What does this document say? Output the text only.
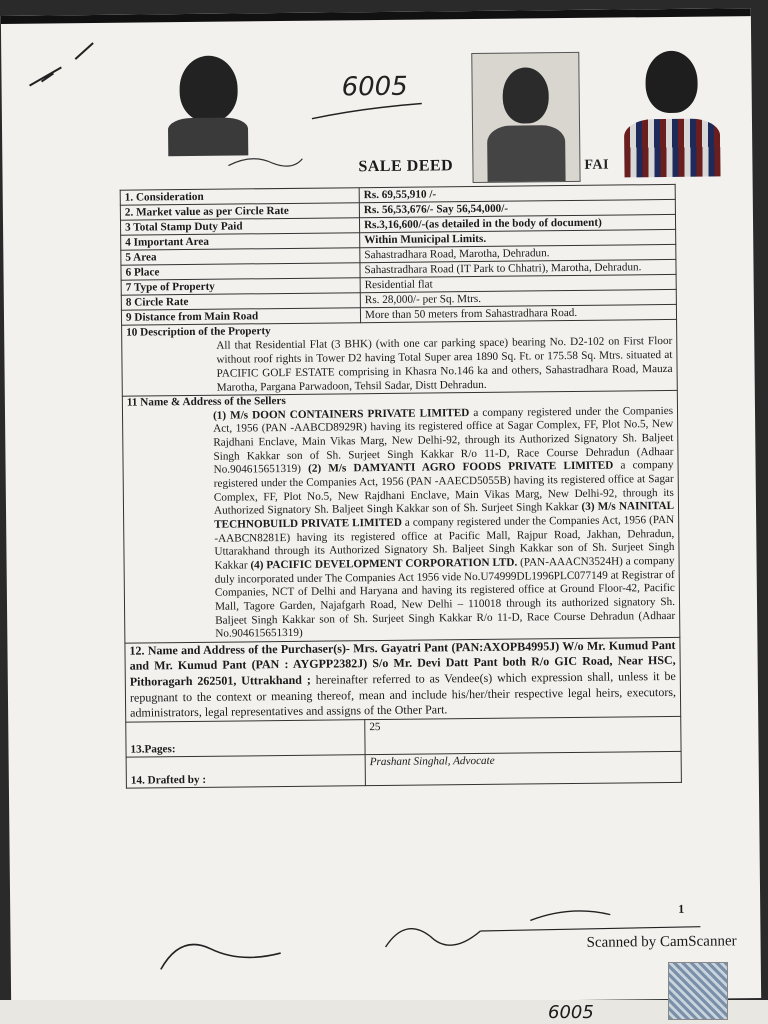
6005
SALE DEED	FAI
1. Consideration	Rs. 69,55,910 /-
2. Market value as per Circle Rate	Rs. 56,53,676/- Say 56,54,000/-
3 Total Stamp Duty Paid	Rs.3,16,600/-(as detailed in the body of document)
4 Important Area	Within Municipal Limits.
5 Area	Sahastradhara Road, Marotha, Dehradun.
6 Place	Sahastradhara Road (IT Park to Chhatri), Marotha, Dehradun.
7 Type of Property	Residential flat
8 Circle Rate	Rs. 28,000/- per Sq. Mtrs.
9 Distance from Main Road	More than 50 meters from Sahastradhara Road.
10 Description of the Property
All that Residential Flat (3 BHK) (with one car parking space) bearing No. D2-102 on First Floor without roof rights in Tower D2 having Total Super area 1890 Sq. Ft. or 175.58 Sq. Mtrs. situated at PACIFIC GOLF ESTATE comprising in Khasra No.146 ka and others, Sahastradhara Road, Mauza Marotha, Pargana Parwadoon, Tehsil Sadar, Distt Dehradun.	

11 Name & Address of the Sellers
(1) M/s DOON CONTAINERS PRIVATE LIMITED a company registered under the Companies Act, 1956 (PAN -AABCD8929R) having its registered office at Sagar Complex, FF, Plot No.5, New Rajdhani Enclave, Main Vikas Marg, New Delhi-92, through its Authorized Signatory Sh. Baljeet Singh Kakkar son of Sh. Surjeet Singh Kakkar R/o 11-D, Race Course Dehradun (Adhaar No.904615651319) (2) M/s DAMYANTI AGRO FOODS PRIVATE LIMITED a company registered under the Companies Act, 1956 (PAN -AAECD5055B) having its registered office at Sagar Complex, FF, Plot No.5, New Rajdhani Enclave, Main Vikas Marg, New Delhi-92, through its Authorized Signatory Sh. Baljeet Singh Kakkar son of Sh. Surjeet Singh Kakkar (3) M/s NAINITAL TECHNOBUILD PRIVATE LIMITED a company registered under the Companies Act, 1956 (PAN -AABCN8281E) having its registered office at Pacific Mall, Rajpur Road, Jakhan, Dehradun, Uttarakhand through its Authorized Signatory Sh. Baljeet Singh Kakkar son of Sh. Surjeet Singh Kakkar (4) PACIFIC DEVELOPMENT CORPORATION LTD. (PAN-AAACN3524H) a company duly incorporated under The Companies Act 1956 vide No.U74999DL1996PLC077149 at Registrar of Companies, NCT of Delhi and Haryana and having its registered office at Ground Floor-42, Pacific Mall, Tagore Garden, Najafgarh Road, New Delhi – 110018 through its authorized signatory Sh. Baljeet Singh Kakkar son of Sh. Surjeet Singh Kakkar R/o 11-D, Race Course Dehradun (Adhaar No.904615651319)	

12. Name and Address of the Purchaser(s)- Mrs. Gayatri Pant (PAN:AXOPB4995J) W/o Mr. Kumud Pant and Mr. Kumud Pant (PAN : AYGPP2382J) S/o Mr. Devi Datt Pant both R/o GIC Road, Near HSC, Pithoragarh 262501, Uttrakhand ; hereinafter referred to as Vendee(s) which expression shall, unless it be repugnant to the context or meaning thereof, mean and include his/her/their respective legal heirs, executors, administrators, legal representatives and assigns of the Other Part.	
13.Pages:	25
14. Drafted by :	Prashant Singhal, Advocate
1
Scanned by CamScanner
6005
